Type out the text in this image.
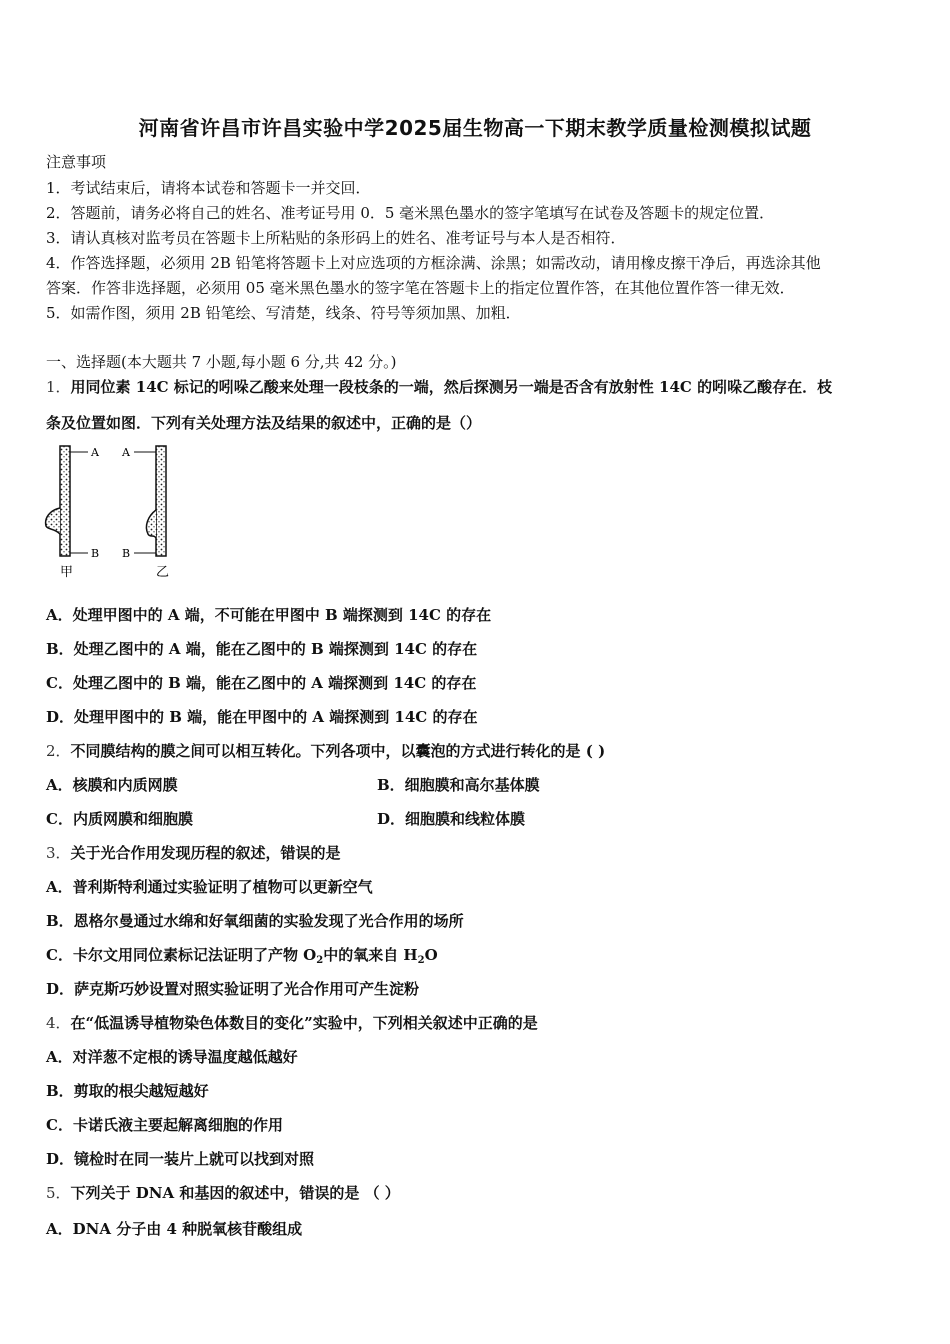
河南省许昌市许昌实验中学2025届生物高一下期末教学质量检测模拟试题
注意事项
1．考试结束后，请将本试卷和答题卡一并交回．
2．答题前，请务必将自己的姓名、准考证号用 0．5 毫米黑色墨水的签字笔填写在试卷及答题卡的规定位置．
3．请认真核对监考员在答题卡上所粘贴的条形码上的姓名、准考证号与本人是否相符．
4．作答选择题，必须用 2B 铅笔将答题卡上对应选项的方框涂满、涂黑；如需改动，请用橡皮擦干净后，再选涂其他
答案．作答非选择题，必须用 05 毫米黑色墨水的签字笔在答题卡上的指定位置作答，在其他位置作答一律无效．
5．如需作图，须用 2B 铅笔绘、写清楚，线条、符号等须加黑、加粗．
一、选择题(本大题共 7 小题,每小题 6 分,共 42 分。)
1．用同位素 14C 标记的吲哚乙酸来处理一段枝条的一端，然后探测另一端是否含有放射性 14C 的吲哚乙酸存在．枝
条及位置如图．下列有关处理方法及结果的叙述中，正确的是（）
A
B
A
B
甲	乙
A．处理甲图中的 A 端，不可能在甲图中 B 端探测到 14C 的存在
B．处理乙图中的 A 端，能在乙图中的 B 端探测到 14C 的存在
C．处理乙图中的 B 端，能在乙图中的 A 端探测到 14C 的存在
D．处理甲图中的 B 端，能在甲图中的 A 端探测到 14C 的存在
2．不同膜结构的膜之间可以相互转化。下列各项中，以囊泡的方式进行转化的是 ( )
A．核膜和内质网膜	B．细胞膜和高尔基体膜
C．内质网膜和细胞膜	D．细胞膜和线粒体膜
3．关于光合作用发现历程的叙述，错误的是
A．普利斯特利通过实验证明了植物可以更新空气
B．恩格尔曼通过水绵和好氧细菌的实验发现了光合作用的场所
C．卡尔文用同位素标记法证明了产物 $O_2$中的氧来自 $H_2O$
D．萨克斯巧妙设置对照实验证明了光合作用可产生淀粉
4．在“低温诱导植物染色体数目的变化”实验中，下列相关叙述中正确的是
A．对洋葱不定根的诱导温度越低越好
B．剪取的根尖越短越好
C．卡诺氏液主要起解离细胞的作用
D．镜检时在同一装片上就可以找到对照
5．下列关于 DNA 和基因的叙述中，错误的是 （ ）
A．DNA 分子由 4 种脱氧核苷酸组成
